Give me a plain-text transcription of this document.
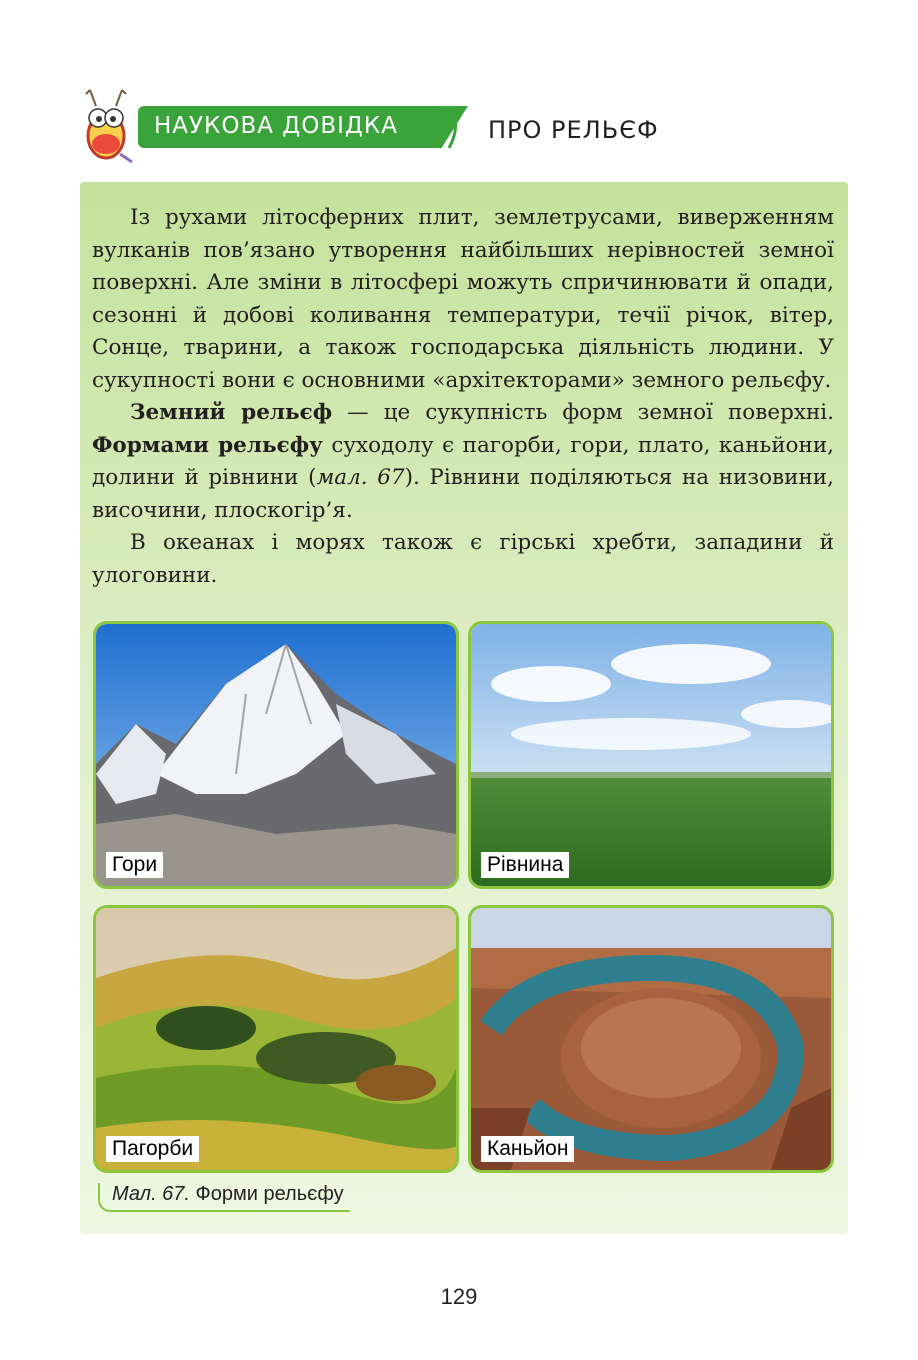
НАУКОВА ДОВІДКА	ПРО РЕЛЬЄФ

Із рухами літосферних плит, землетрусами, виверженням вулканів пов’язано утворення найбільших нерівностей земної поверхні. Але зміни в літосфері можуть спричинювати й опади, сезонні й добові коливання температури, течії річок, вітер, Сонце, тварини, а також господарська діяльність людини. У сукупності вони є основними «архітекторами» земного рельєфу.

Земний рельєф — це сукупність форм земної поверхні. Формами рельєфу суходолу є пагорби, гори, плато, каньйони, долини й рівнини (мал. 67). Рівнини поділяються на низовини, височини, плоскогір’я.

В океанах і морях також є гірські хребти, западини й улоговини.

Гори	Рівнина
Пагорби	Каньйон
Мал. 67. Форми рельєфу
129
